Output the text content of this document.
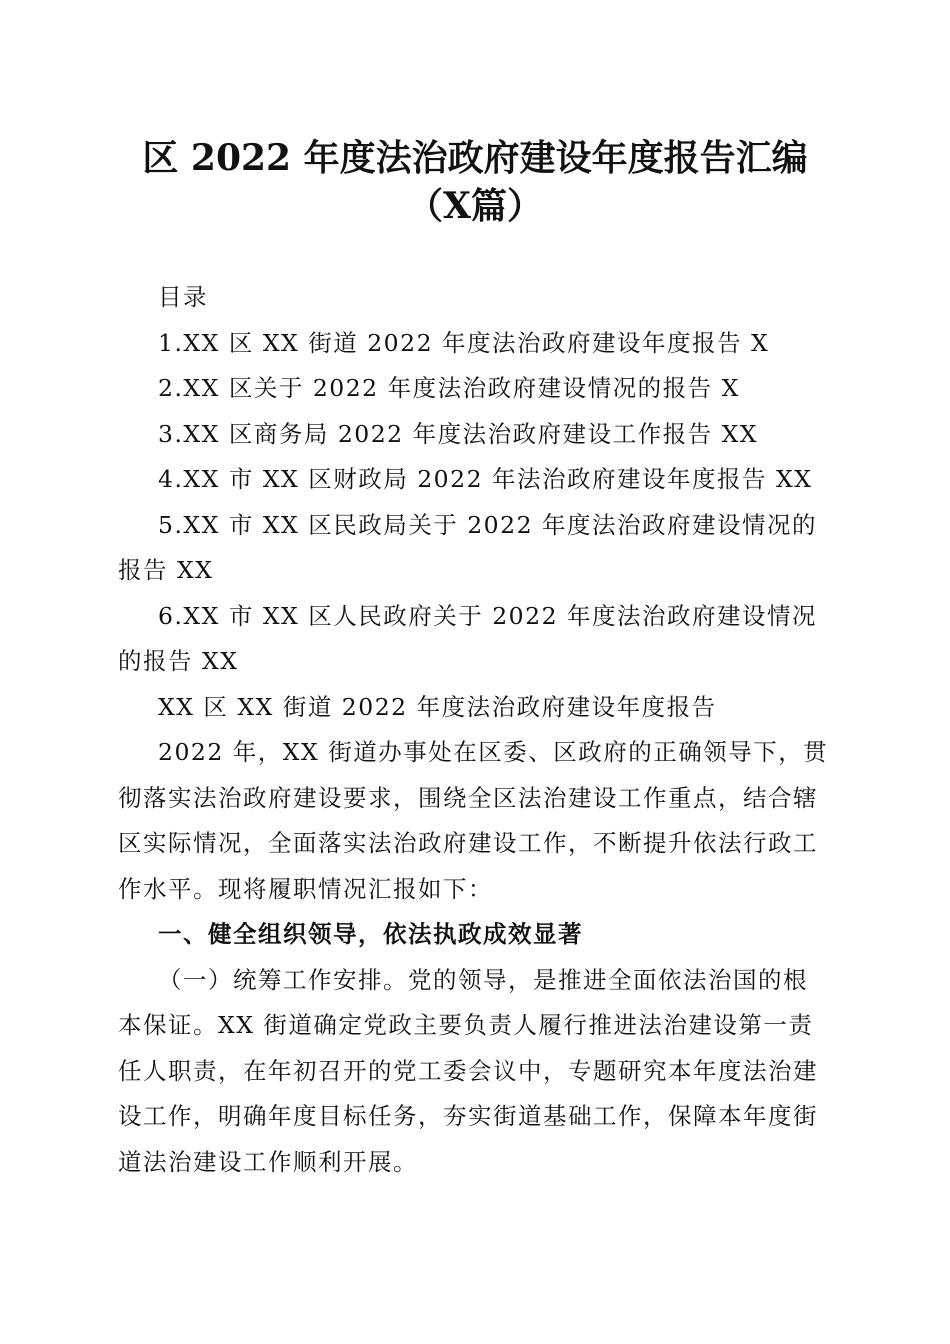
区 2022 年度法治政府建设年度报告汇编（X篇）

目录

1.XX 区 XX 街道 2022 年度法治政府建设年度报告 X

2.XX 区关于 2022 年度法治政府建设情况的报告 X

3.XX 区商务局 2022 年度法治政府建设工作报告 XX

4.XX 市 XX 区财政局 2022 年法治政府建设年度报告 XX

5.XX 市 XX 区民政局关于 2022 年度法治政府建设情况的报告 XX

6.XX 市 XX 区人民政府关于 2022 年度法治政府建设情况的报告 XX

XX 区 XX 街道 2022 年度法治政府建设年度报告

2022 年，XX 街道办事处在区委、区政府的正确领导下，贯彻落实法治政府建设要求，围绕全区法治建设工作重点，结合辖区实际情况，全面落实法治政府建设工作，不断提升依法行政工作水平。现将履职情况汇报如下：

一、健全组织领导，依法执政成效显著

（一）统筹工作安排。党的领导，是推进全面依法治国的根本保证。XX 街道确定党政主要负责人履行推进法治建设第一责任人职责，在年初召开的党工委会议中，专题研究本年度法治建设工作，明确年度目标任务，夯实街道基础工作，保障本年度街道法治建设工作顺利开展。
